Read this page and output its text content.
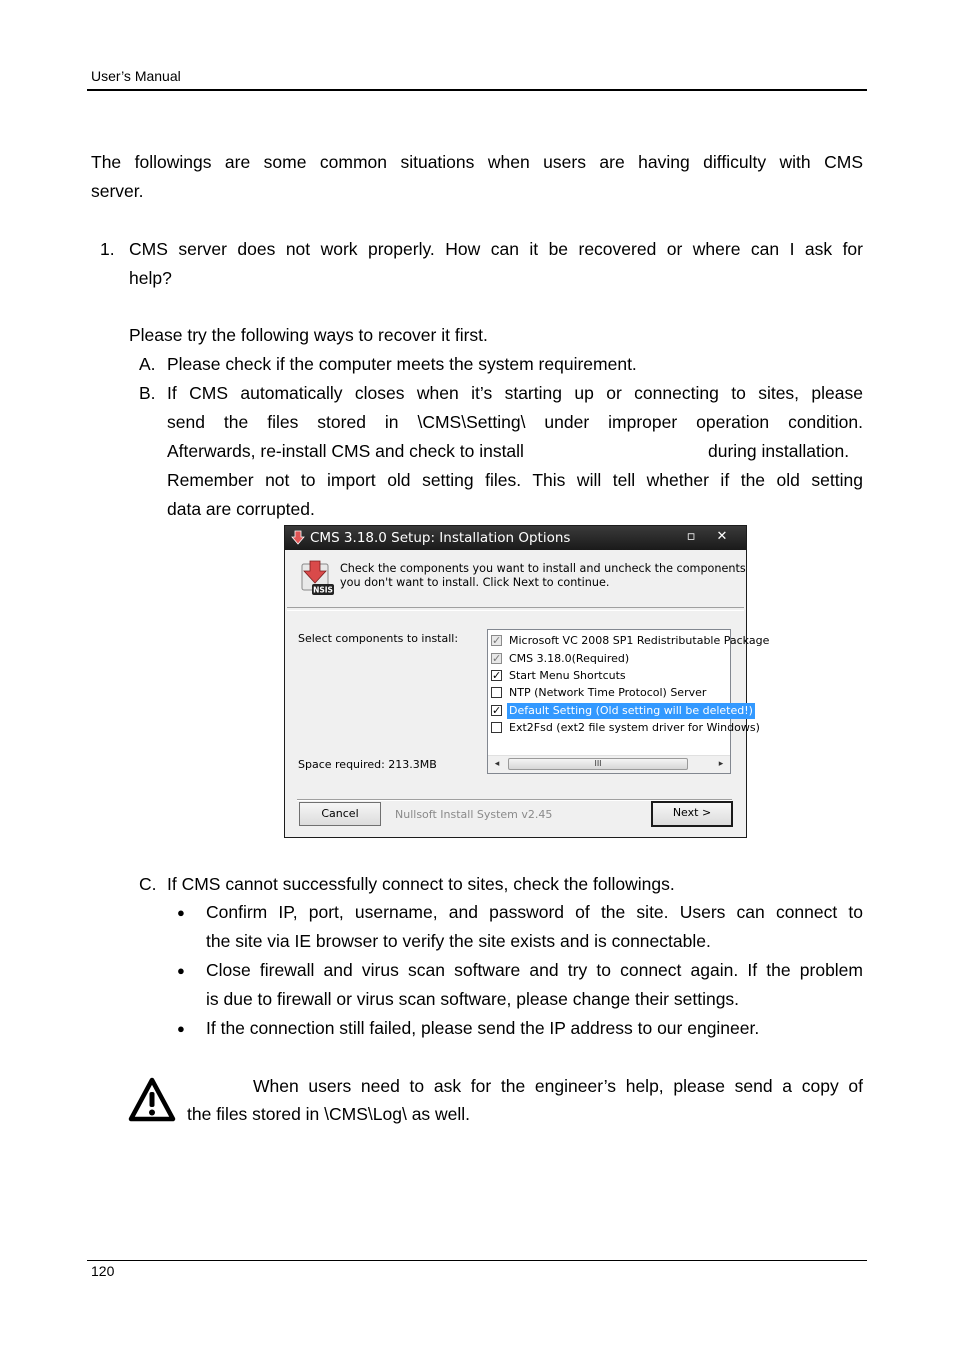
User’s Manual
The followings are some common situations when users are having difficulty with CMS
server.
1. CMS server does not work properly. How can it be recovered or where can I ask for
help?
Please try the following ways to recover it first.
A. Please check if the computer meets the system requirement.
B. If CMS automatically closes when it’s starting up or connecting to sites, please
send the files stored in \CMS\Setting\ under improper operation condition.
Afterwards, re-install CMS and check to install	during installation.
Remember not to import old setting files. This will tell whether if the old setting
data are corrupted.
CMS 3.18.0 Setup: Installation Options	▫	✕
NSIS
Check the components you want to install and uncheck the components
you don't want to install. Click Next to continue.
Select components to install:
Space required: 213.3MB
✓ Microsoft VC 2008 SP1 Redistributable Package
✓ CMS 3.18.0(Required)
✓ Start Menu Shortcuts
NTP (Network Time Protocol) Server
✓ Default Setting (Old setting will be deleted!)
Ext2Fsd (ext2 file system driver for Windows)
◂	III	▸
Cancel	Nullsoft Install System v2.45	Next >
C. If CMS cannot successfully connect to sites, check the followings.
● Confirm IP, port, username, and password of the site. Users can connect to
the site via IE browser to verify the site exists and is connectable.
● Close firewall and virus scan software and try to connect again. If the problem
is due to firewall or virus scan software, please change their settings.
● If the connection still failed, please send the IP address to our engineer.
When users need to ask for the engineer’s help, please send a copy of
the files stored in \CMS\Log\ as well.
120
